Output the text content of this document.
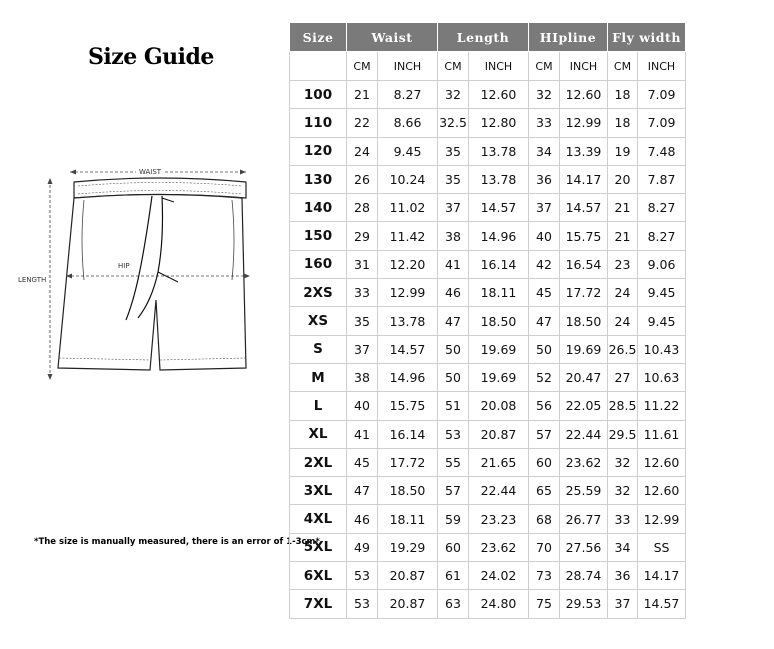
Size Guide
WAIST
LENGTH
HIP
*The size is manually measured, there is an error of 1-3cm*
Size	Waist		Length		HIpline		Fly width	
	CM	INCH	CM	INCH	CM	INCH	CM	INCH
100	21	8.27	32	12.60	32	12.60	18	7.09
110	22	8.66	32.5	12.80	33	12.99	18	7.09
120	24	9.45	35	13.78	34	13.39	19	7.48
130	26	10.24	35	13.78	36	14.17	20	7.87
140	28	11.02	37	14.57	37	14.57	21	8.27
150	29	11.42	38	14.96	40	15.75	21	8.27
160	31	12.20	41	16.14	42	16.54	23	9.06
2XS	33	12.99	46	18.11	45	17.72	24	9.45
XS	35	13.78	47	18.50	47	18.50	24	9.45
S	37	14.57	50	19.69	50	19.69	26.5	10.43
M	38	14.96	50	19.69	52	20.47	27	10.63
L	40	15.75	51	20.08	56	22.05	28.5	11.22
XL	41	16.14	53	20.87	57	22.44	29.5	11.61
2XL	45	17.72	55	21.65	60	23.62	32	12.60
3XL	47	18.50	57	22.44	65	25.59	32	12.60
4XL	46	18.11	59	23.23	68	26.77	33	12.99
5XL	49	19.29	60	23.62	70	27.56	34	SS
6XL	53	20.87	61	24.02	73	28.74	36	14.17
7XL	53	20.87	63	24.80	75	29.53	37	14.57
